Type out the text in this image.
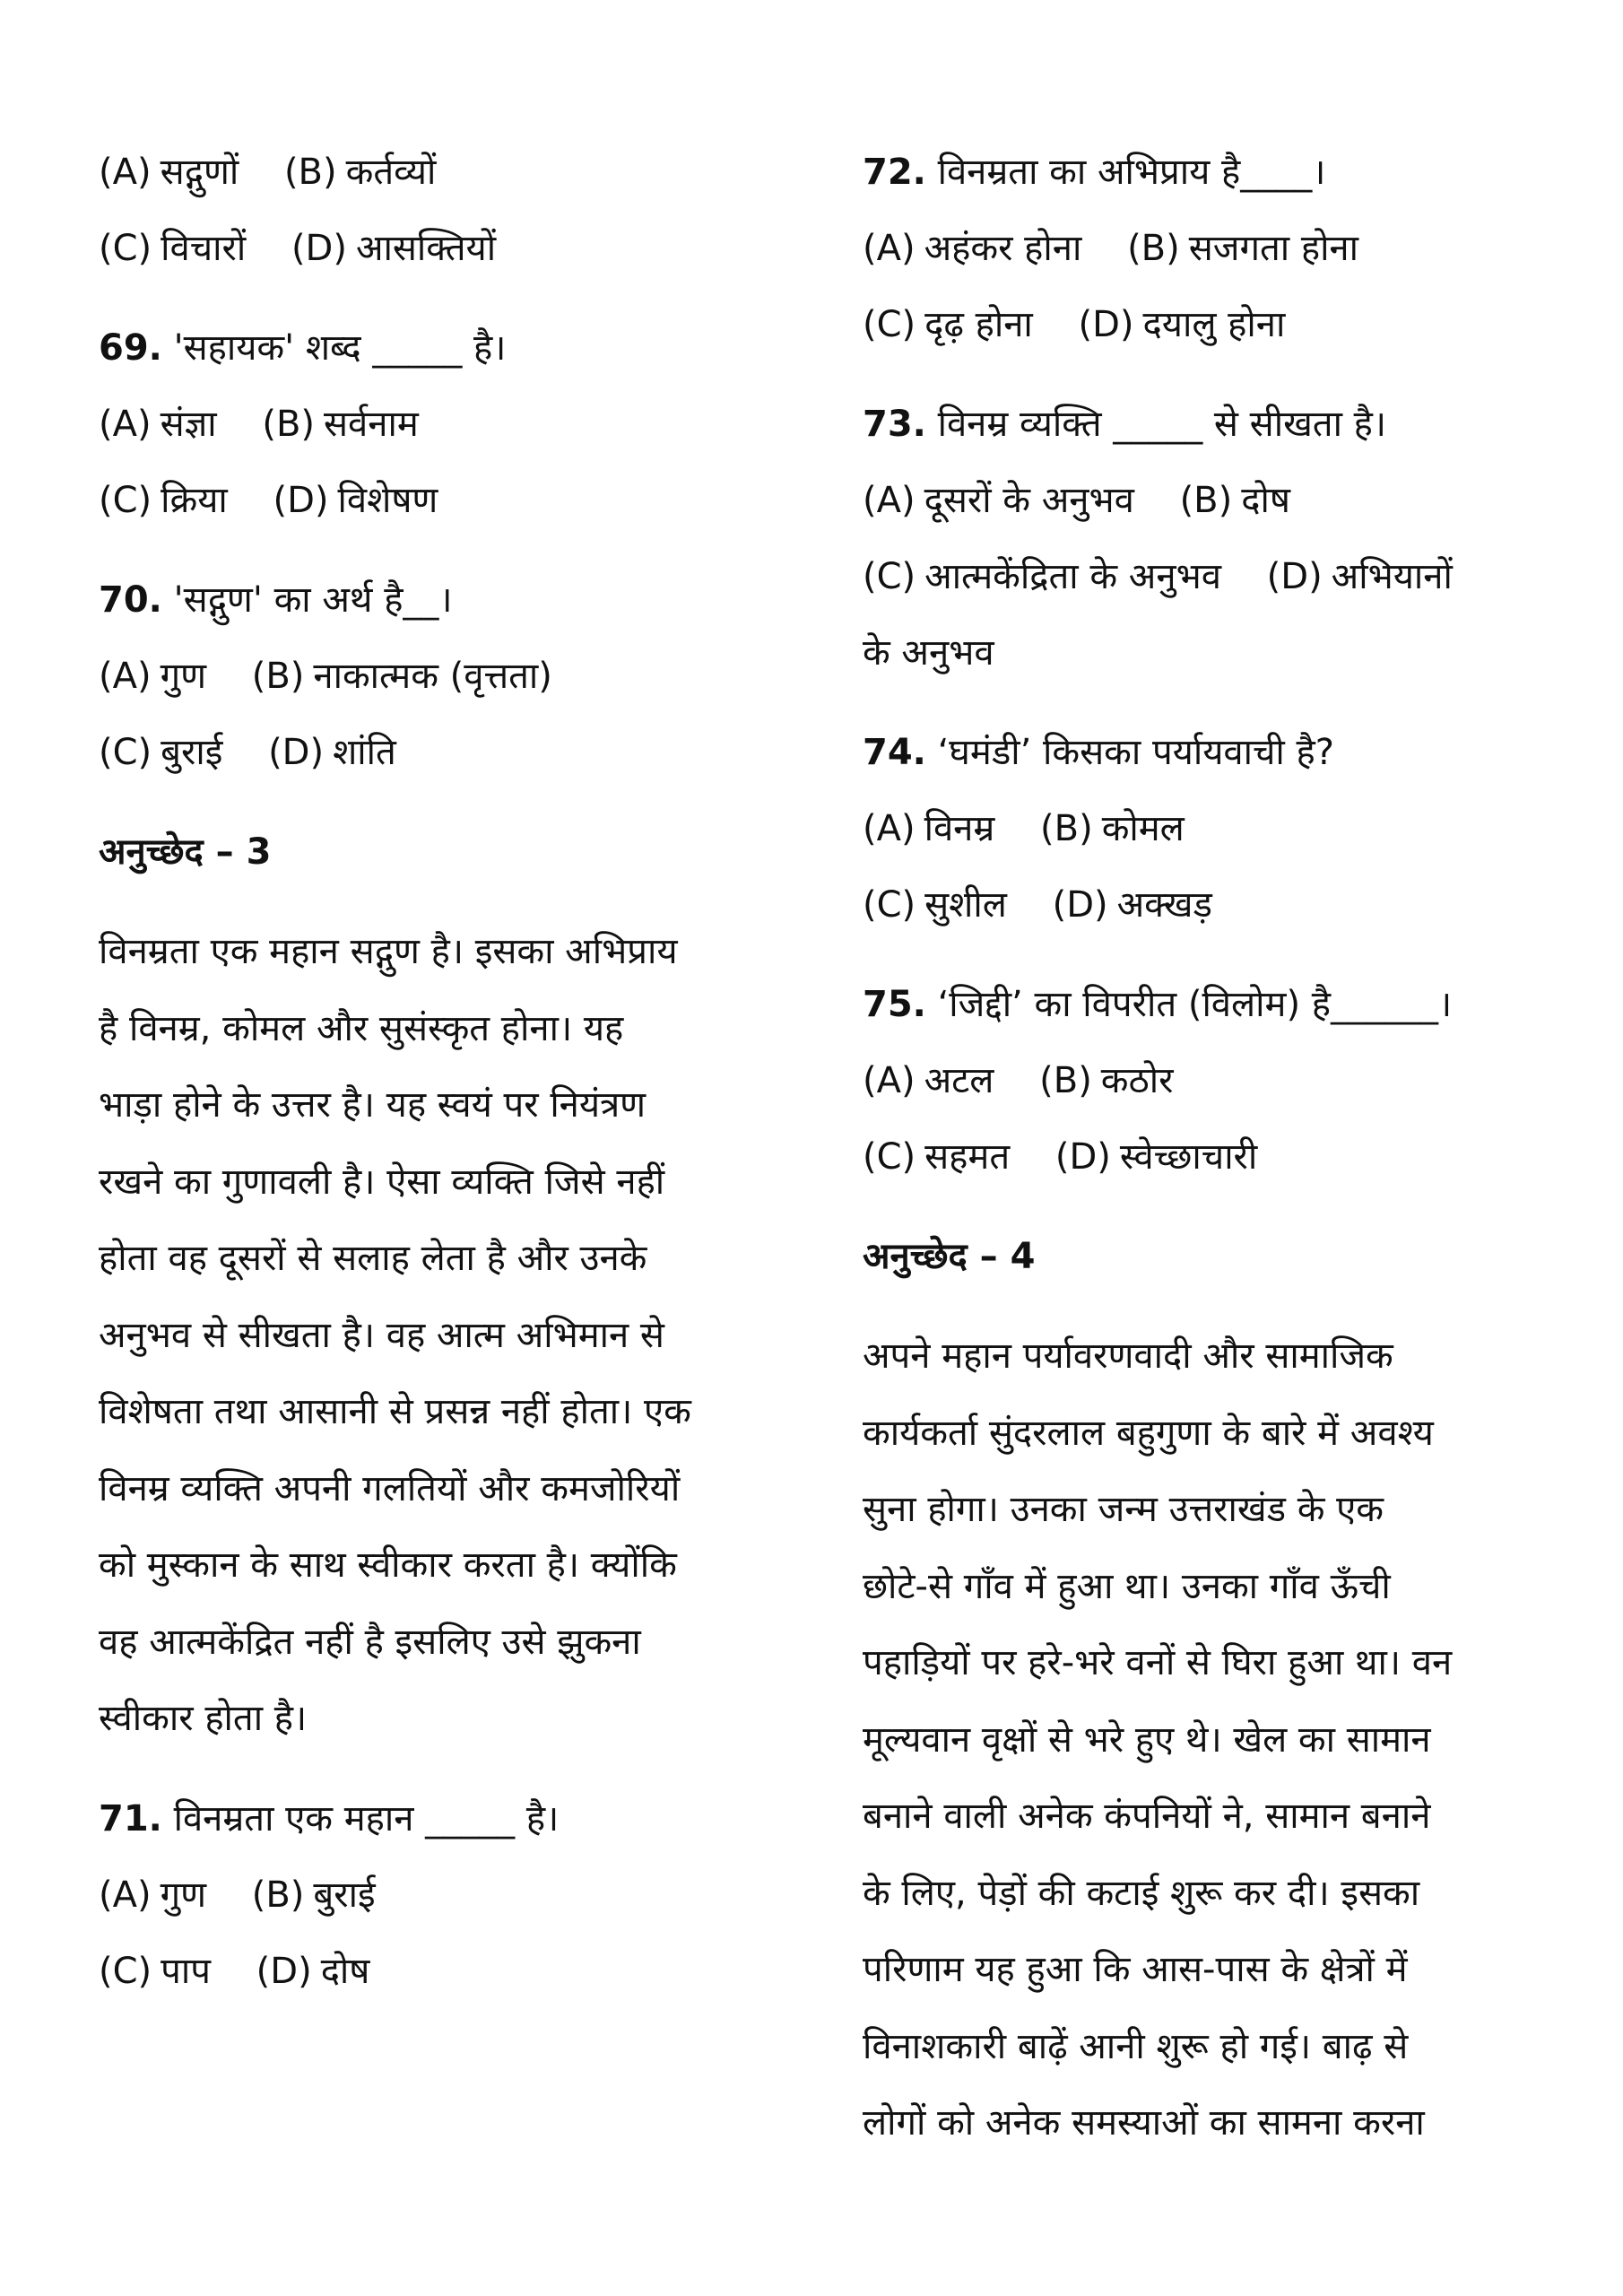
(A) सद्गुणों (B) कर्तव्यों
(C) विचारों (D) आसक्तियों
69. 'सहायक' शब्द _____ है।
(A) संज्ञा (B) सर्वनाम
(C) क्रिया (D) विशेषण
70. 'सद्गुण' का अर्थ है__।
(A) गुण (B) नाकात्मक (वृत्तता)
(C) बुराई (D) शांति
अनुच्छेद – 3
विनम्रता एक महान सद्गुण है। इसका अभिप्राय
है विनम्र, कोमल और सुसंस्कृत होना। यह
भाड़ा होने के उत्तर है। यह स्वयं पर नियंत्रण
रखने का गुणावली है। ऐसा व्यक्ति जिसे नहीं
होता वह दूसरों से सलाह लेता है और उनके
अनुभव से सीखता है। वह आत्म अभिमान से
विशेषता तथा आसानी से प्रसन्न नहीं होता। एक
विनम्र व्यक्ति अपनी गलतियों और कमजोरियों
को मुस्कान के साथ स्वीकार करता है। क्योंकि
वह आत्मकेंद्रित नहीं है इसलिए उसे झुकना
स्वीकार होता है।
71. विनम्रता एक महान _____ है।
(A) गुण (B) बुराई
(C) पाप (D) दोष
72. विनम्रता का अभिप्राय है____।
(A) अहंकर होना (B) सजगता होना
(C) दृढ़ होना (D) दयालु होना
73. विनम्र व्यक्ति _____ से सीखता है।
(A) दूसरों के अनुभव (B) दोष
(C) आत्मकेंद्रिता के अनुभव (D) अभियानों
के अनुभव
74. ‘घमंडी’ किसका पर्यायवाची है?
(A) विनम्र (B) कोमल
(C) सुशील (D) अक्खड़
75. ‘जिद्दी’ का विपरीत (विलोम) है______।
(A) अटल (B) कठोर
(C) सहमत (D) स्वेच्छाचारी
अनुच्छेद – 4
अपने महान पर्यावरणवादी और सामाजिक
कार्यकर्ता सुंदरलाल बहुगुणा के बारे में अवश्य
सुना होगा। उनका जन्म उत्तराखंड के एक
छोटे-से गाँव में हुआ था। उनका गाँव ऊँची
पहाड़ियों पर हरे-भरे वनों से घिरा हुआ था। वन
मूल्यवान वृक्षों से भरे हुए थे। खेल का सामान
बनाने वाली अनेक कंपनियों ने, सामान बनाने
के लिए, पेड़ों की कटाई शुरू कर दी। इसका
परिणाम यह हुआ कि आस-पास के क्षेत्रों में
विनाशकारी बाढ़ें आनी शुरू हो गई। बाढ़ से
लोगों को अनेक समस्याओं का सामना करना
